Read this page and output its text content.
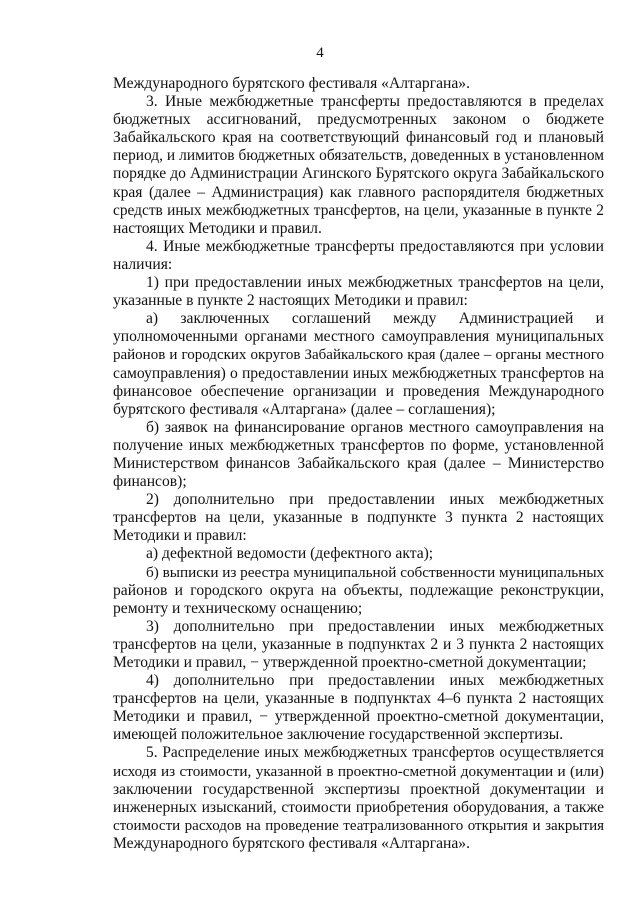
4
Международного бурятского фестиваля «Алтаргана».
3. Иные межбюджетные трансферты предоставляются в пределах
бюджетных ассигнований, предусмотренных законом о бюджете
Забайкальского края на соответствующий финансовый год и плановый
период, и лимитов бюджетных обязательств, доведенных в установленном
порядке до Администрации Агинского Бурятского округа Забайкальского
края (далее – Администрация) как главного распорядителя бюджетных
средств иных межбюджетных трансфертов, на цели, указанные в пункте 2
настоящих Методики и правил.
4. Иные межбюджетные трансферты предоставляются при условии
наличия:
1) при предоставлении иных межбюджетных трансфертов на цели,
указанные в пункте 2 настоящих Методики и правил:
а) заключенных соглашений между Администрацией и
уполномоченными органами местного самоуправления муниципальных
районов и городских округов Забайкальского края (далее – органы местного
самоуправления) о предоставлении иных межбюджетных трансфертов на
финансовое обеспечение организации и проведения Международного
бурятского фестиваля «Алтаргана» (далее – соглашения);
б) заявок на финансирование органов местного самоуправления на
получение иных межбюджетных трансфертов по форме, установленной
Министерством финансов Забайкальского края (далее – Министерство
финансов);
2) дополнительно при предоставлении иных межбюджетных
трансфертов на цели, указанные в подпункте 3 пункта 2 настоящих
Методики и правил:
а) дефектной ведомости (дефектного акта);
б) выписки из реестра муниципальной собственности муниципальных
районов и городского округа на объекты, подлежащие реконструкции,
ремонту и техническому оснащению;
3) дополнительно при предоставлении иных межбюджетных
трансфертов на цели, указанные в подпунктах 2 и 3 пункта 2 настоящих
Методики и правил, − утвержденной проектно-сметной документации;
4) дополнительно при предоставлении иных межбюджетных
трансфертов на цели, указанные в подпунктах 4–6 пункта 2 настоящих
Методики и правил, − утвержденной проектно-сметной документации,
имеющей положительное заключение государственной экспертизы.
5. Распределение иных межбюджетных трансфертов осуществляется
исходя из стоимости, указанной в проектно-сметной документации и (или)
заключении государственной экспертизы проектной документации и
инженерных изысканий, стоимости приобретения оборудования, а также
стоимости расходов на проведение театрализованного открытия и закрытия
Международного бурятского фестиваля «Алтаргана».
